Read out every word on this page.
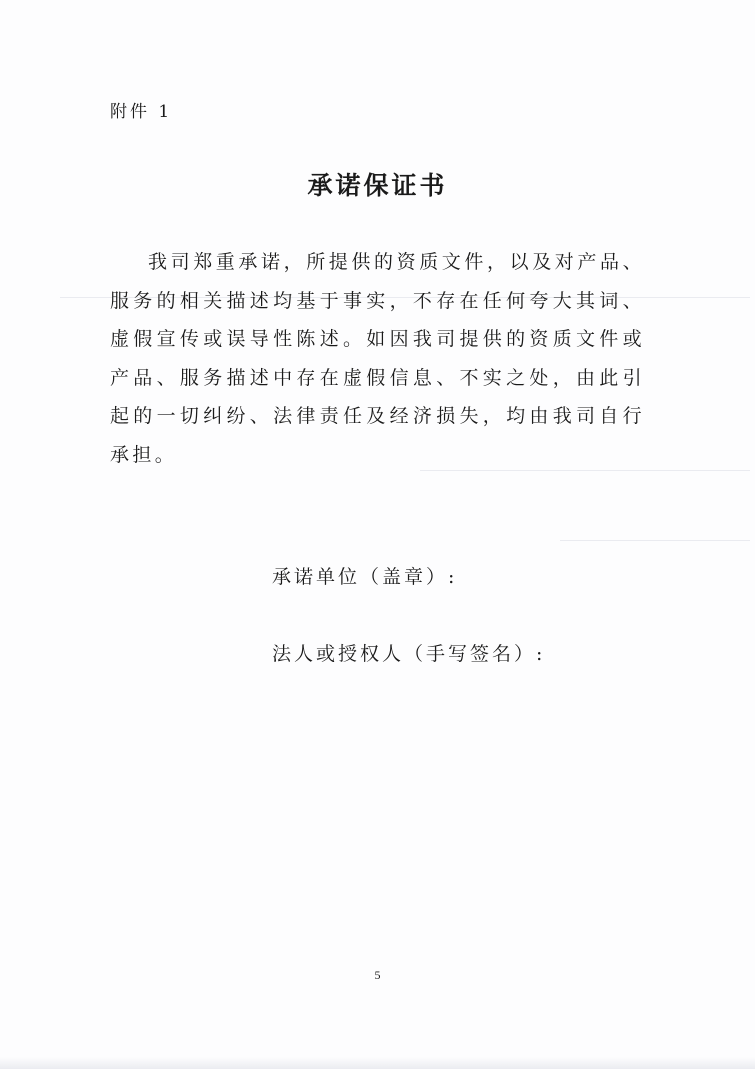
附件 1
承诺保证书

我司郑重承诺，所提供的资质文件，以及对产品、服务的相关描述均基于事实，不存在任何夸大其词、虚假宣传或误导性陈述。如因我司提供的资质文件或产品、服务描述中存在虚假信息、不实之处，由此引起的一切纠纷、法律责任及经济损失，均由我司自行承担。

承诺单位（盖章）:
法人或授权人（手写签名）:
5
